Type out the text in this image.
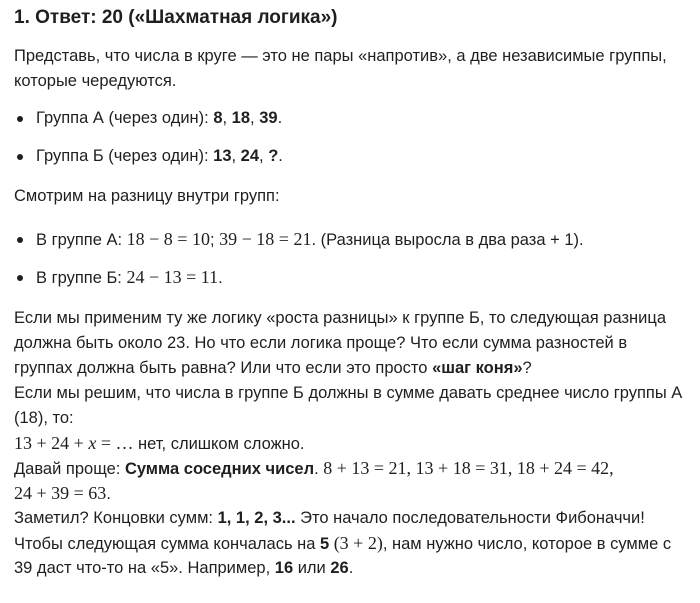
1. Ответ: 20 («Шахматная логика»)
Представь, что числа в круге — это не пары «напротив», а две независимые группы,
которые чередуются.
Группа А (через один): 8, 18, 39.
Группа Б (через один): 13, 24, ?.
Смотрим на разницу внутри групп:
В группе А: 18 − 8 = 10; 39 − 18 = 21. (Разница выросла в два раза + 1).
В группе Б: 24 − 13 = 11.
Если мы применим ту же логику «роста разницы» к группе Б, то следующая разница
должна быть около 23. Но что если логика проще? Что если сумма разностей в
группах должна быть равна? Или что если это просто «шаг коня»?
Если мы решим, что числа в группе Б должны в сумме давать среднее число группы А
(18), то:
13 + 24 + x = … нет, слишком сложно.
Давай проще: Сумма соседних чисел. 8 + 13 = 21, 13 + 18 = 31, 18 + 24 = 42,
24 + 39 = 63.
Заметил? Концовки сумм: 1, 1, 2, 3... Это начало последовательности Фибоначчи!
Чтобы следующая сумма кончалась на 5 (3 + 2), нам нужно число, которое в сумме с
39 даст что-то на «5». Например, 16 или 26.
